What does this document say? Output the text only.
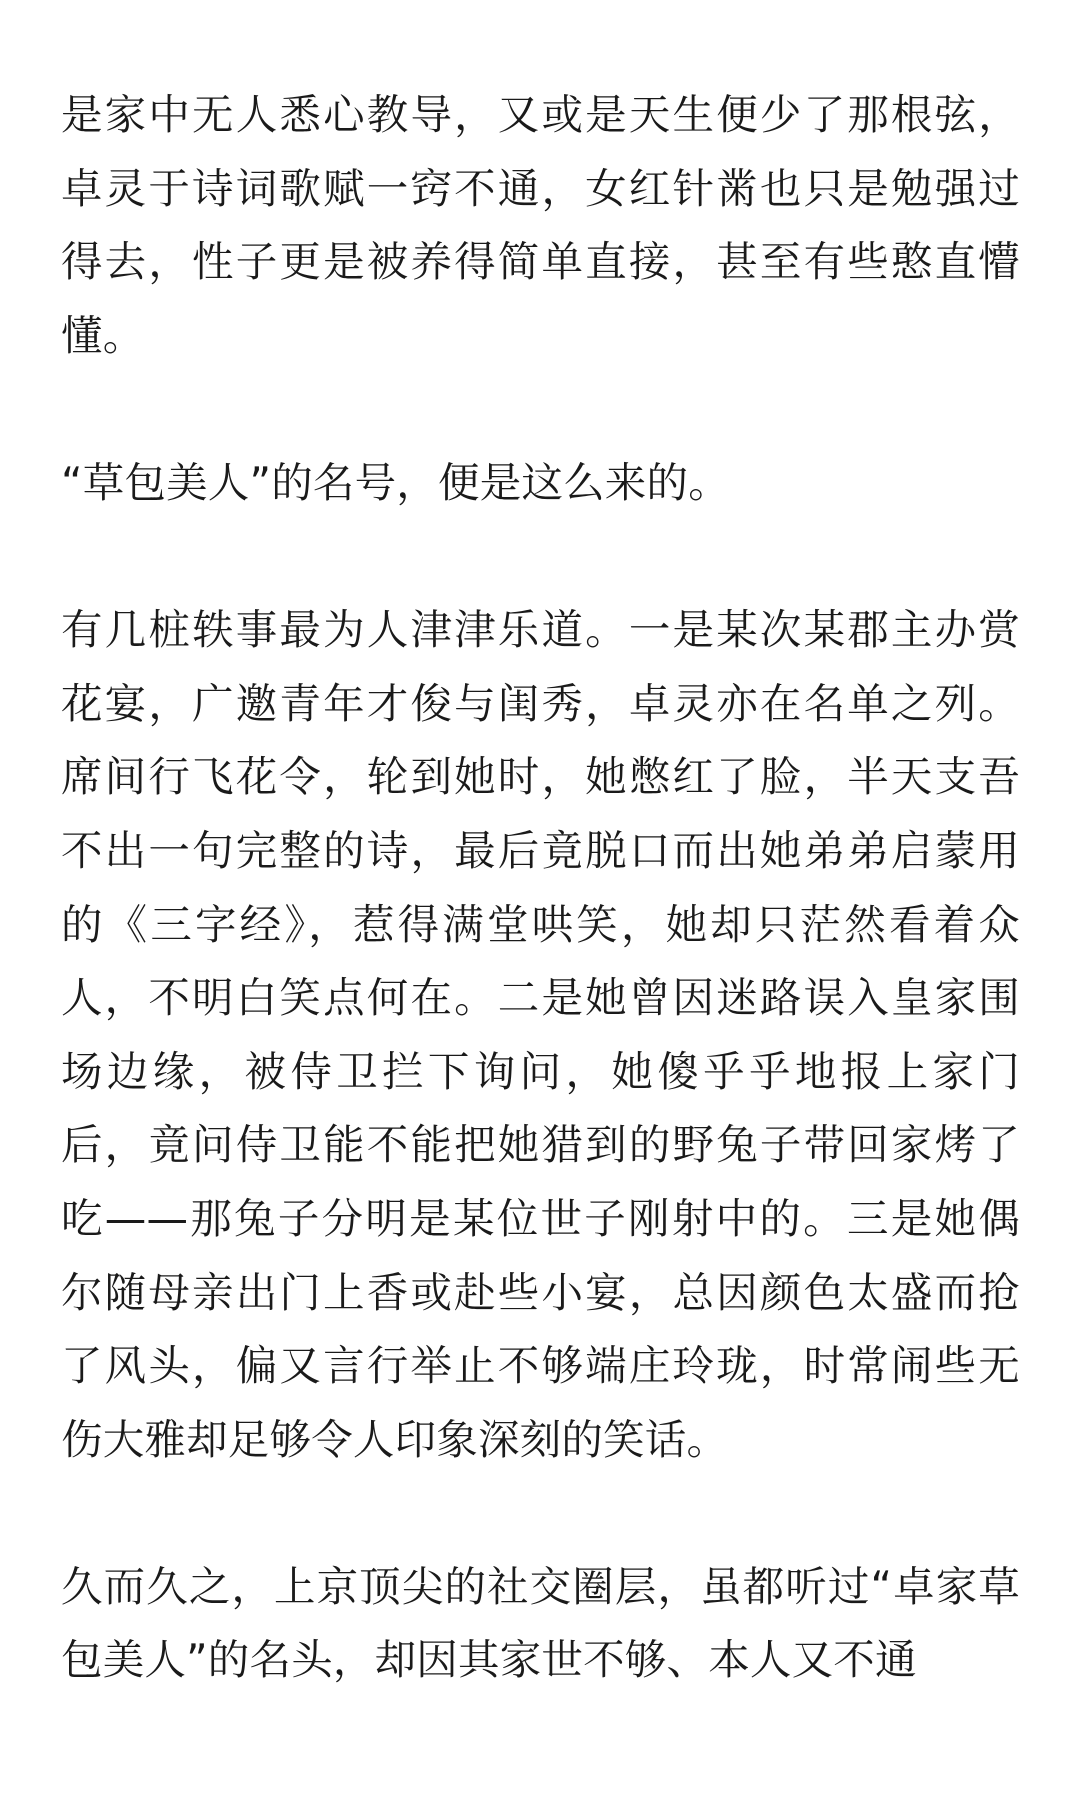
是家中无人悉心教导，又或是天生便少了那根弦，卓灵于诗词歌赋一窍不通，女红针黹也只是勉强过得去，性子更是被养得简单直接，甚至有些憨直懵懂。

“草包美人”的名号，便是这么来的。

有几桩轶事最为人津津乐道。一是某次某郡主办赏花宴，广邀青年才俊与闺秀，卓灵亦在名单之列。席间行飞花令，轮到她时，她憋红了脸，半天支吾不出一句完整的诗，最后竟脱口而出她弟弟启蒙用的《三字经》，惹得满堂哄笑，她却只茫然看着众人，不明白笑点何在。二是她曾因迷路误入皇家围场边缘，被侍卫拦下询问，她傻乎乎地报上家门后，竟问侍卫能不能把她猎到的野兔子带回家烤了吃——那兔子分明是某位世子刚射中的。三是她偶尔随母亲出门上香或赴些小宴，总因颜色太盛而抢了风头，偏又言行举止不够端庄玲珑，时常闹些无伤大雅却足够令人印象深刻的笑话。

久而久之，上京顶尖的社交圈层，虽都听过“卓家草包美人”的名头，却因其家世不够、本人又不通
